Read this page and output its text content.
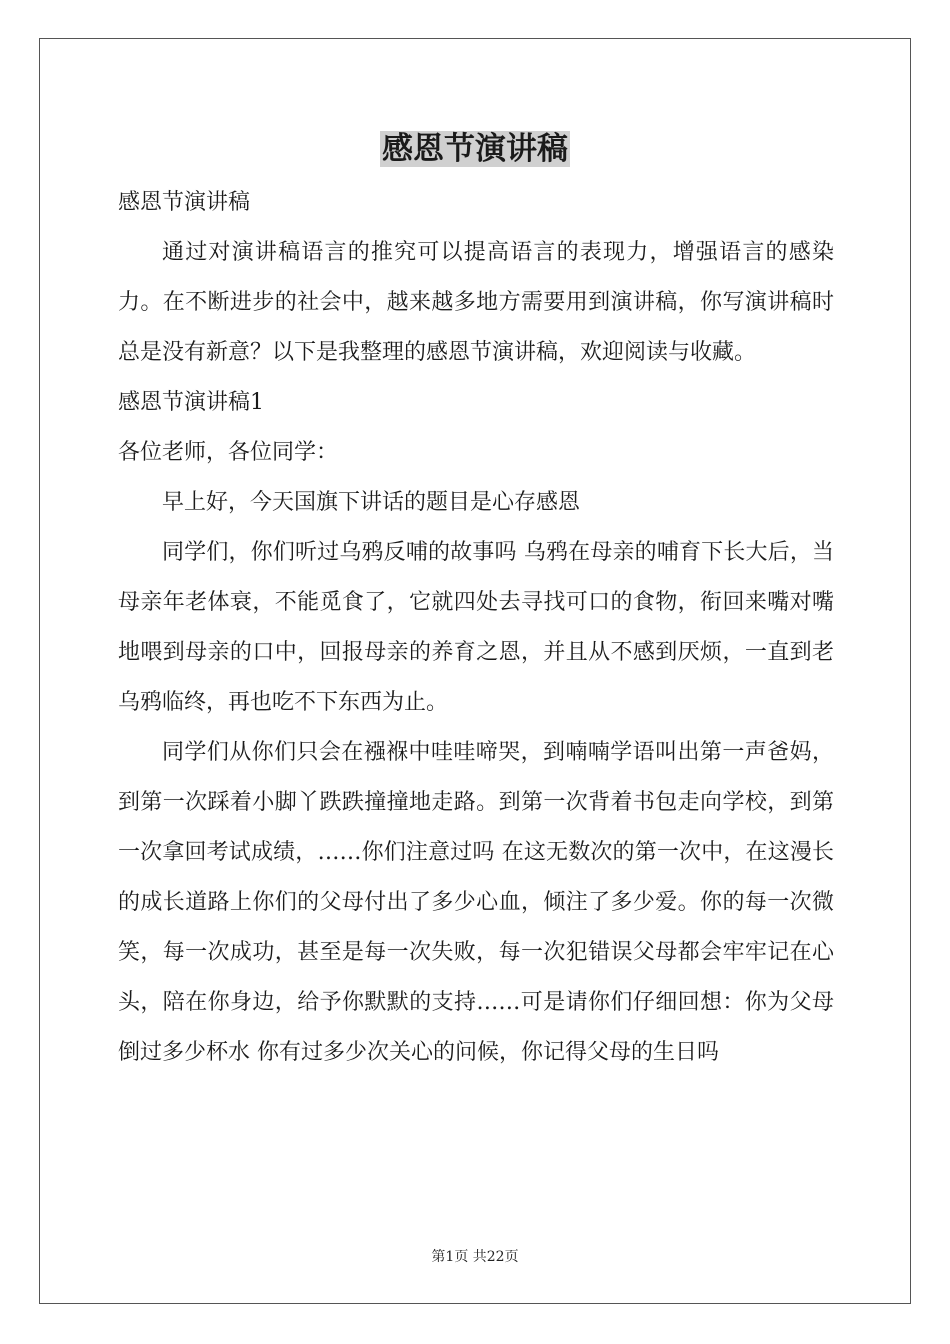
感恩节演讲稿
感恩节演讲稿

通过对演讲稿语言的推究可以提高语言的表现力，增强语言的感染力。在不断进步的社会中，越来越多地方需要用到演讲稿，你写演讲稿时总是没有新意？以下是我整理的感恩节演讲稿，欢迎阅读与收藏。

感恩节演讲稿1
各位老师，各位同学：

早上好，今天国旗下讲话的题目是心存感恩

同学们，你们听过乌鸦反哺的故事吗 乌鸦在母亲的哺育下长大后，当母亲年老体衰，不能觅食了，它就四处去寻找可口的食物，衔回来嘴对嘴地喂到母亲的口中，回报母亲的养育之恩，并且从不感到厌烦，一直到老乌鸦临终，再也吃不下东西为止。

同学们从你们只会在襁褓中哇哇啼哭，到喃喃学语叫出第一声爸妈，到第一次踩着小脚丫跌跌撞撞地走路。到第一次背着书包走向学校，到第一次拿回考试成绩，……你们注意过吗 在这无数次的第一次中，在这漫长的成长道路上你们的父母付出了多少心血，倾注了多少爱。你的每一次微笑，每一次成功，甚至是每一次失败，每一次犯错误父母都会牢牢记在心头，陪在你身边，给予你默默的支持……可是请你们仔细回想：你为父母倒过多少杯水 你有过多少次关心的问候，你记得父母的生日吗

第1页 共22页
